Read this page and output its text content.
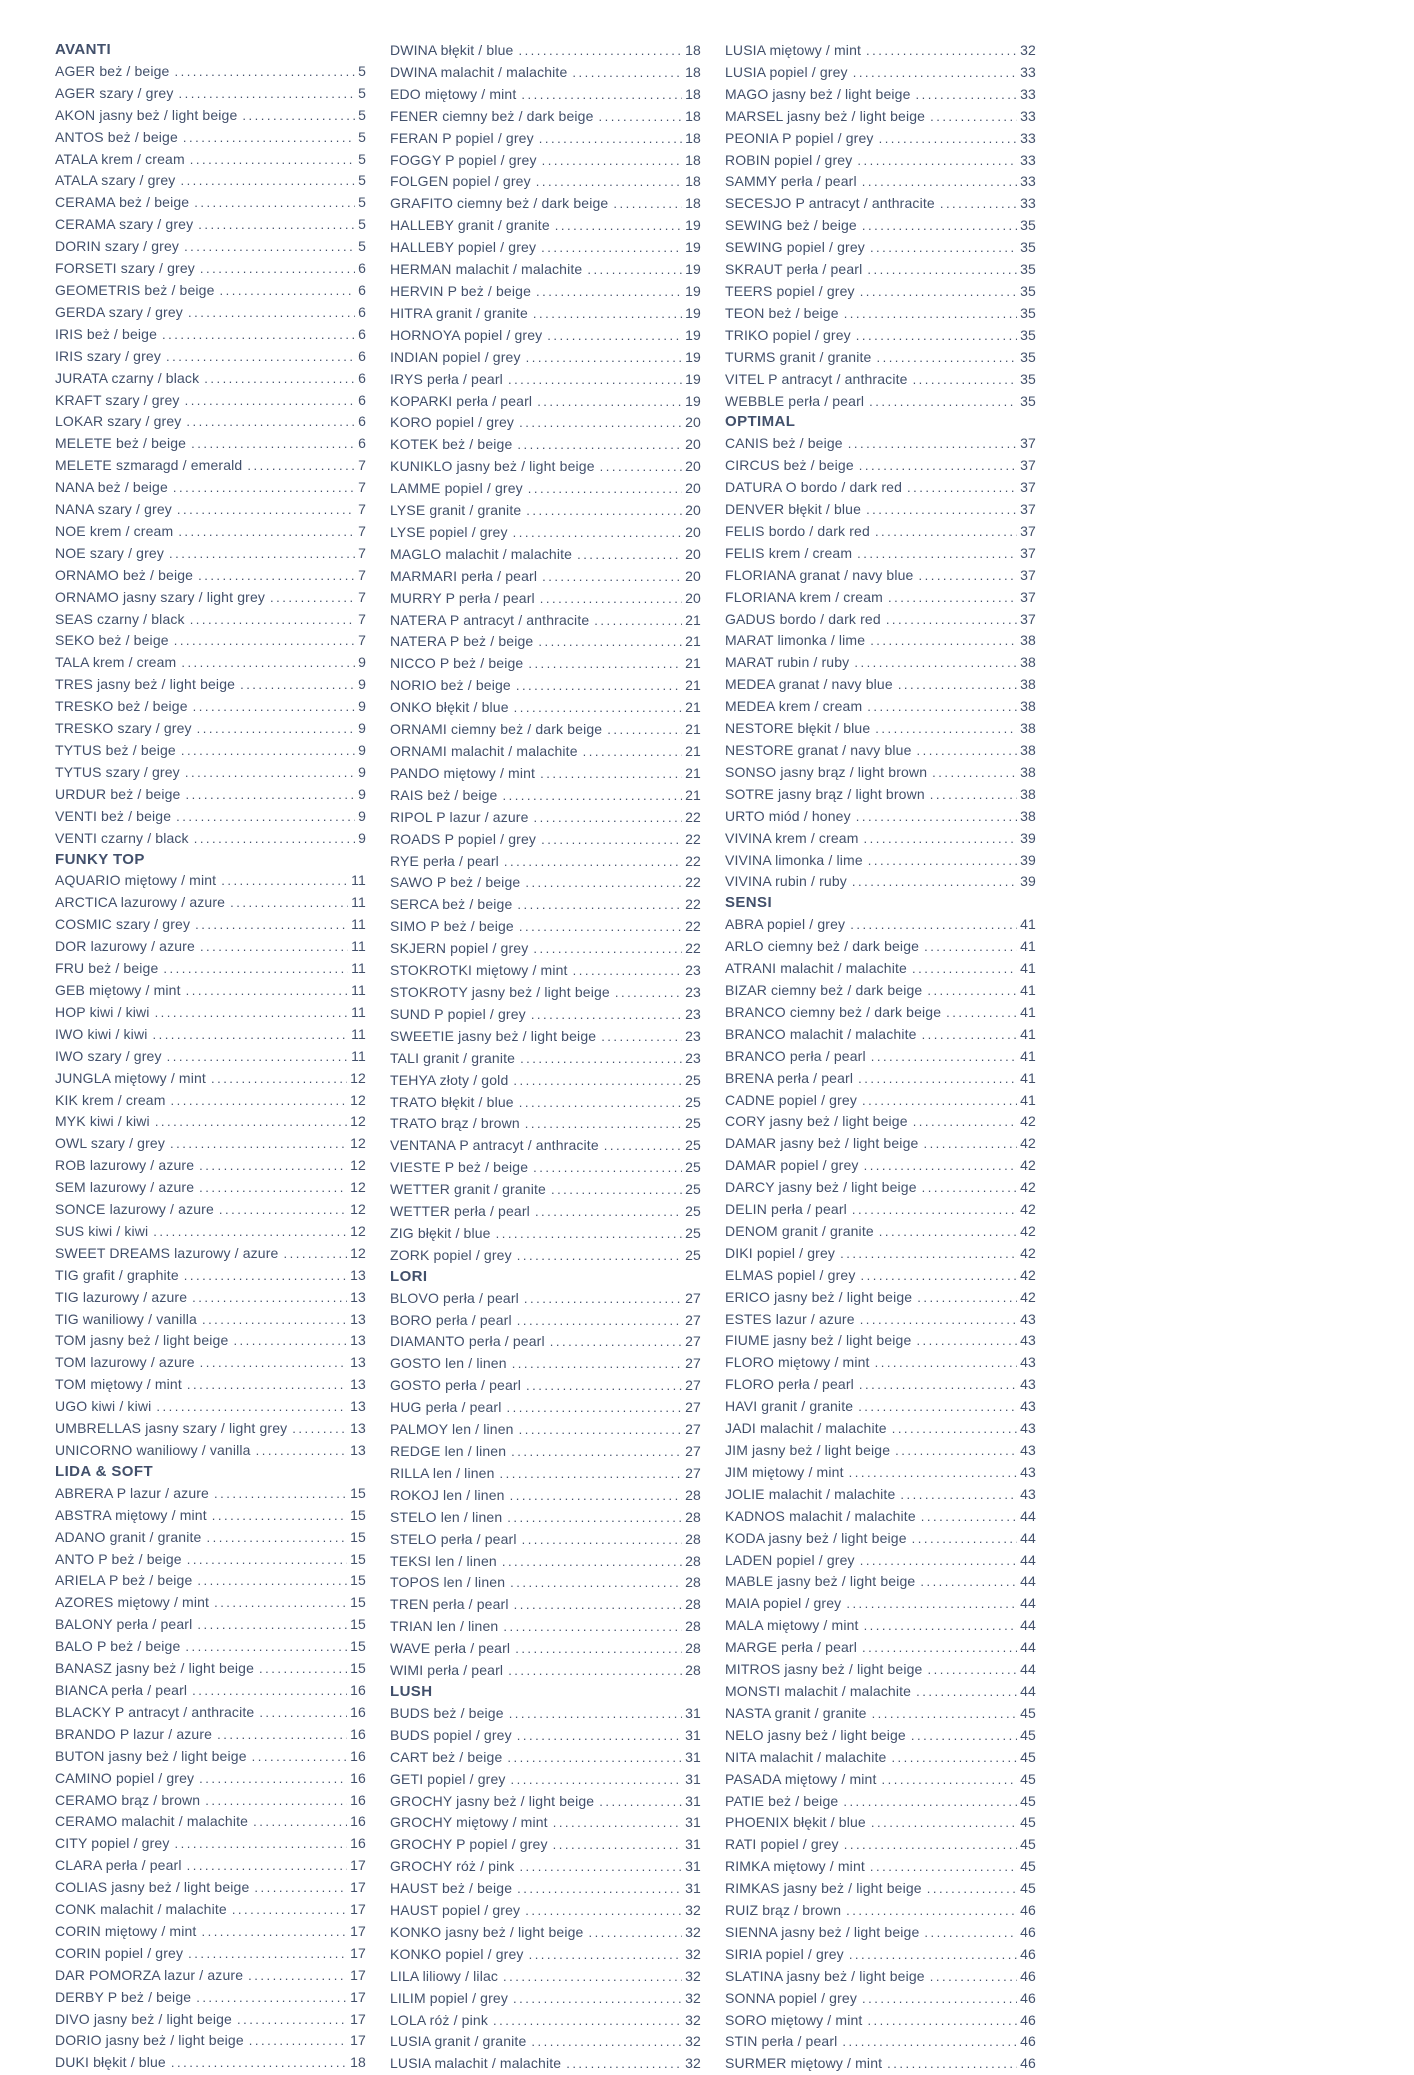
AVANTI
AGER beż / beige .....	5
AGER szary / grey .....	5
AKON jasny beż / light beige .....	5
ANTOS beż / beige .....	5
ATALA krem / cream .....	5
ATALA szary / grey .....	5
CERAMA beż / beige .....	5
CERAMA szary / grey .....	5
DORIN szary / grey .....	5
FORSETI szary / grey .....	6
GEOMETRIS beż / beige .....	6
GERDA szary / grey .....	6
IRIS beż / beige .....	6
IRIS szary / grey .....	6
JURATA czarny / black .....	6
KRAFT szary / grey .....	6
LOKAR szary / grey .....	6
MELETE beż / beige .....	6
MELETE szmaragd / emerald .....	7
NANA beż / beige .....	7
NANA szary / grey .....	7
NOE krem / cream .....	7
NOE szary / grey .....	7
ORNAMO beż / beige .....	7
ORNAMO jasny szary / light grey .....	7
SEAS czarny / black .....	7
SEKO beż / beige .....	7
TALA krem / cream .....	9
TRES jasny beż / light beige .....	9
TRESKO beż / beige .....	9
TRESKO szary / grey .....	9
TYTUS beż / beige .....	9
TYTUS szary / grey .....	9
URDUR beż / beige .....	9
VENTI beż / beige .....	9
VENTI czarny / black .....	9
FUNKY TOP
AQUARIO miętowy / mint .....	11
ARCTICA lazurowy / azure .....	11
COSMIC szary / grey .....	11
DOR lazurowy / azure .....	11
FRU beż / beige .....	11
GEB miętowy / mint .....	11
HOP kiwi / kiwi .....	11
IWO kiwi / kiwi .....	11
IWO szary / grey .....	11
JUNGLA miętowy / mint .....	12
KIK krem / cream .....	12
MYK kiwi / kiwi .....	12
OWL szary / grey .....	12
ROB lazurowy / azure .....	12
SEM lazurowy / azure .....	12
SONCE lazurowy / azure .....	12
SUS kiwi / kiwi .....	12
SWEET DREAMS lazurowy / azure .....	12
TIG grafit / graphite .....	13
TIG lazurowy / azure .....	13
TIG waniliowy / vanilla .....	13
TOM jasny beż / light beige .....	13
TOM lazurowy / azure .....	13
TOM miętowy / mint .....	13
UGO kiwi / kiwi .....	13
UMBRELLAS jasny szary / light grey .....	13
UNICORNO waniliowy / vanilla .....	13
LIDA & SOFT
ABRERA P lazur / azure .....	15
ABSTRA miętowy / mint .....	15
ADANO granit / granite .....	15
ANTO P beż / beige .....	15
ARIELA P beż / beige .....	15
AZORES miętowy / mint .....	15
BALONY perła / pearl .....	15
BALO P beż / beige .....	15
BANASZ jasny beż / light beige .....	15
BIANCA perła / pearl .....	16
BLACKY P antracyt / anthracite .....	16
BRANDO P lazur / azure .....	16
BUTON jasny beż / light beige .....	16
CAMINO popiel / grey .....	16
CERAMO brąz / brown .....	16
CERAMO malachit / malachite .....	16
CITY popiel / grey .....	16
CLARA perła / pearl .....	17
COLIAS jasny beż / light beige .....	17
CONK malachit / malachite .....	17
CORIN miętowy / mint .....	17
CORIN popiel / grey .....	17
DAR POMORZA lazur / azure .....	17
DERBY P beż / beige .....	17
DIVO jasny beż / light beige .....	17
DORIO jasny beż / light beige .....	17
DUKI błękit / blue .....	18
DWINA błękit / blue .....	18
DWINA malachit / malachite .....	18
EDO miętowy / mint .....	18
FENER ciemny beż / dark beige .....	18
FERAN P popiel / grey .....	18
FOGGY P popiel / grey .....	18
FOLGEN popiel / grey .....	18
GRAFITO ciemny beż / dark beige .....	18
HALLEBY granit / granite .....	19
HALLEBY popiel / grey .....	19
HERMAN malachit / malachite .....	19
HERVIN P beż / beige .....	19
HITRA granit / granite .....	19
HORNOYA popiel / grey .....	19
INDIAN popiel / grey .....	19
IRYS perła / pearl .....	19
KOPARKI perła / pearl .....	19
KORO popiel / grey .....	20
KOTEK beż / beige .....	20
KUNIKLO jasny beż / light beige .....	20
LAMME popiel / grey .....	20
LYSE granit / granite .....	20
LYSE popiel / grey .....	20
MAGLO malachit / malachite .....	20
MARMARI perła / pearl .....	20
MURRY P perła / pearl .....	20
NATERA P antracyt / anthracite .....	21
NATERA P beż / beige .....	21
NICCO P beż / beige .....	21
NORIO beż / beige .....	21
ONKO błękit / blue .....	21
ORNAMI ciemny beż / dark beige .....	21
ORNAMI malachit / malachite .....	21
PANDO miętowy / mint .....	21
RAIS beż / beige .....	21
RIPOL P lazur / azure .....	22
ROADS P popiel / grey .....	22
RYE perła / pearl .....	22
SAWO P beż / beige .....	22
SERCA beż / beige .....	22
SIMO P beż / beige .....	22
SKJERN popiel / grey .....	22
STOKROTKI miętowy / mint .....	23
STOKROTY jasny beż / light beige .....	23
SUND P popiel / grey .....	23
SWEETIE jasny beż / light beige .....	23
TALI granit / granite .....	23
TEHYA złoty / gold .....	25
TRATO błękit / blue .....	25
TRATO brąz / brown .....	25
VENTANA P antracyt / anthracite .....	25
VIESTE P beż / beige .....	25
WETTER granit / granite .....	25
WETTER perła / pearl .....	25
ZIG błękit / blue .....	25
ZORK popiel / grey .....	25
LORI
BLOVO perła / pearl .....	27
BORO perła / pearl .....	27
DIAMANTO perła / pearl .....	27
GOSTO len / linen .....	27
GOSTO perła / pearl .....	27
HUG perła / pearl .....	27
PALMOY len / linen .....	27
REDGE len / linen .....	27
RILLA len / linen .....	27
ROKOJ len / linen .....	28
STELO len / linen .....	28
STELO perła / pearl .....	28
TEKSI len / linen .....	28
TOPOS len / linen .....	28
TREN perła / pearl .....	28
TRIAN len / linen .....	28
WAVE perła / pearl .....	28
WIMI perła / pearl .....	28
LUSH
BUDS beż / beige .....	31
BUDS popiel / grey .....	31
CART beż / beige .....	31
GETI popiel / grey .....	31
GROCHY jasny beż / light beige .....	31
GROCHY miętowy / mint .....	31
GROCHY P popiel / grey .....	31
GROCHY róż / pink .....	31
HAUST beż / beige .....	31
HAUST popiel / grey .....	32
KONKO jasny beż / light beige .....	32
KONKO popiel / grey .....	32
LILA liliowy / lilac .....	32
LILIM popiel / grey .....	32
LOLA róż / pink .....	32
LUSIA granit / granite .....	32
LUSIA malachit / malachite .....	32
LUSIA miętowy / mint .....	32
LUSIA popiel / grey .....	33
MAGO jasny beż / light beige .....	33
MARSEL jasny beż / light beige .....	33
PEONIA P popiel / grey .....	33
ROBIN popiel / grey .....	33
SAMMY perła / pearl .....	33
SECESJO P antracyt / anthracite .....	33
SEWING beż / beige .....	35
SEWING popiel / grey .....	35
SKRAUT perła / pearl .....	35
TEERS popiel / grey .....	35
TEON beż / beige .....	35
TRIKO popiel / grey .....	35
TURMS granit / granite .....	35
VITEL P antracyt / anthracite .....	35
WEBBLE perła / pearl .....	35
OPTIMAL
CANIS beż / beige .....	37
CIRCUS beż / beige .....	37
DATURA O bordo / dark red .....	37
DENVER błękit / blue .....	37
FELIS bordo / dark red .....	37
FELIS krem / cream .....	37
FLORIANA granat / navy blue .....	37
FLORIANA krem / cream .....	37
GADUS bordo / dark red .....	37
MARAT limonka / lime .....	38
MARAT rubin / ruby .....	38
MEDEA granat / navy blue .....	38
MEDEA krem / cream .....	38
NESTORE błękit / blue .....	38
NESTORE granat / navy blue .....	38
SONSO jasny brąz / light brown .....	38
SOTRE jasny brąz / light brown .....	38
URTO miód / honey .....	38
VIVINA krem / cream .....	39
VIVINA limonka / lime .....	39
VIVINA rubin / ruby .....	39
SENSI
ABRA popiel / grey .....	41
ARLO ciemny beż / dark beige .....	41
ATRANI malachit / malachite .....	41
BIZAR ciemny beż / dark beige .....	41
BRANCO ciemny beż / dark beige .....	41
BRANCO malachit / malachite .....	41
BRANCO perła / pearl .....	41
BRENA perła / pearl .....	41
CADNE popiel / grey .....	41
CORY jasny beż / light beige .....	42
DAMAR jasny beż / light beige .....	42
DAMAR popiel / grey .....	42
DARCY jasny beż / light beige .....	42
DELIN perła / pearl .....	42
DENOM granit / granite .....	42
DIKI popiel / grey .....	42
ELMAS popiel / grey .....	42
ERICO jasny beż / light beige .....	42
ESTES lazur / azure .....	43
FIUME jasny beż / light beige .....	43
FLORO miętowy / mint .....	43
FLORO perła / pearl .....	43
HAVI granit / granite .....	43
JADI malachit / malachite .....	43
JIM jasny beż / light beige .....	43
JIM miętowy / mint .....	43
JOLIE malachit / malachite .....	43
KADNOS malachit / malachite .....	44
KODA jasny beż / light beige .....	44
LADEN popiel / grey .....	44
MABLE jasny beż / light beige .....	44
MAIA popiel / grey .....	44
MALA miętowy / mint .....	44
MARGE perła / pearl .....	44
MITROS jasny beż / light beige .....	44
MONSTI malachit / malachite .....	44
NASTA granit / granite .....	45
NELO jasny beż / light beige .....	45
NITA malachit / malachite .....	45
PASADA miętowy / mint .....	45
PATIE beż / beige .....	45
PHOENIX błękit / blue .....	45
RATI popiel / grey .....	45
RIMKA miętowy / mint .....	45
RIMKAS jasny beż / light beige .....	45
RUIZ brąz / brown .....	46
SIENNA jasny beż / light beige .....	46
SIRIA popiel / grey .....	46
SLATINA jasny beż / light beige .....	46
SONNA popiel / grey .....	46
SORO miętowy / mint .....	46
STIN perła / pearl .....	46
SURMER miętowy / mint .....	46
